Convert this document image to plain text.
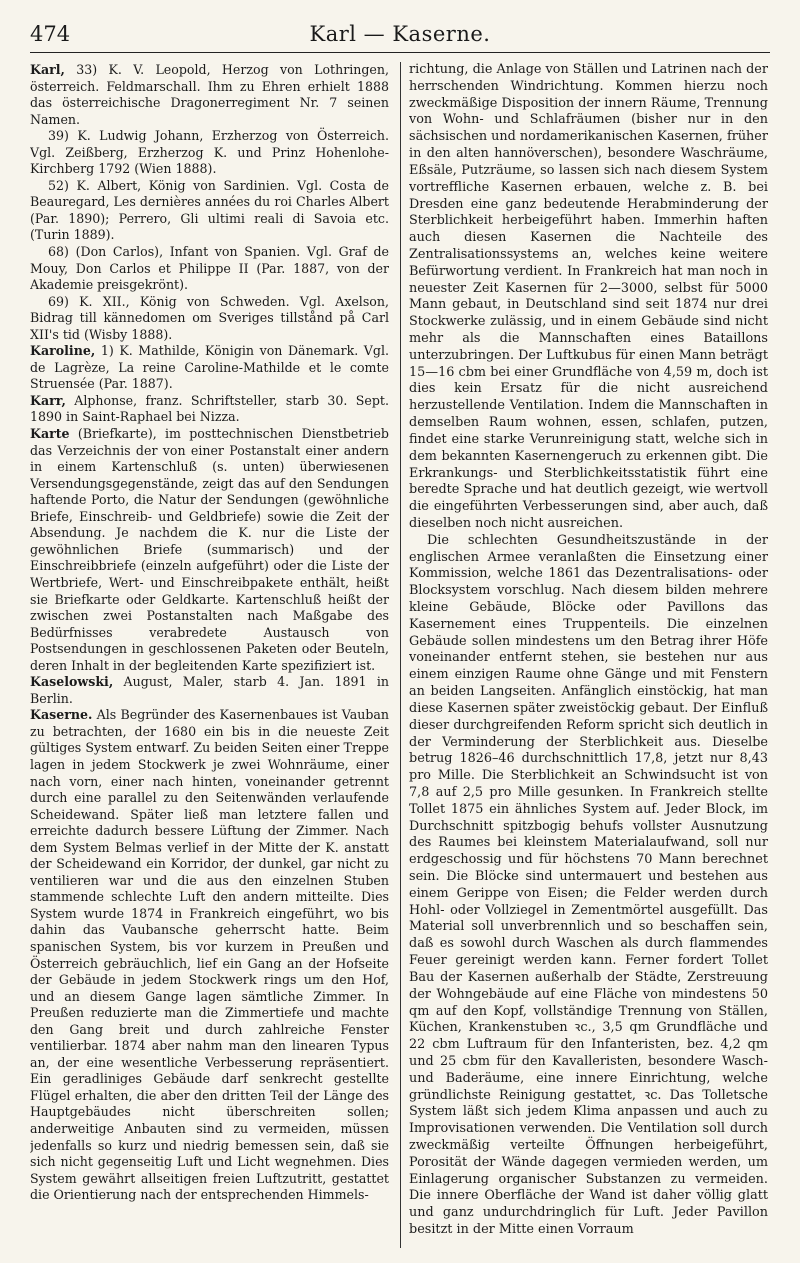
474	Karl — Kaserne.

Karl, 33) K. V. Leopold, Herzog von Lothringen, österreich. Feldmarschall. Ihm zu Ehren erhielt 1888 das österreichische Dragonerregiment Nr. 7 seinen Namen.

39) K. Ludwig Johann, Erzherzog von Österreich. Vgl. Zeißberg, Erzherzog K. und Prinz Hohenlohe-Kirchberg 1792 (Wien 1888).

52) K. Albert, König von Sardinien. Vgl. Costa de Beauregard, Les dernières années du roi Charles Albert (Par. 1890); Perrero, Gli ultimi reali di Savoia etc. (Turin 1889).

68) (Don Carlos), Infant von Spanien. Vgl. Graf de Mouy, Don Carlos et Philippe II (Par. 1887, von der Akademie preisgekrönt).

69) K. XII., König von Schweden. Vgl. Axelson, Bidrag till kännedomen om Sveriges tillstånd på Carl XII's tid (Wisby 1888).

Karoline, 1) K. Mathilde, Königin von Dänemark. Vgl. de Lagrèze, La reine Caroline-Mathilde et le comte Struensée (Par. 1887).

Karr, Alphonse, franz. Schriftsteller, starb 30. Sept. 1890 in Saint-Raphael bei Nizza.

Karte (Briefkarte), im posttechnischen Dienstbetrieb das Verzeichnis der von einer Postanstalt einer andern in einem Kartenschluß (s. unten) überwiesenen Versendungsgegenstände, zeigt das auf den Sendungen haftende Porto, die Natur der Sendungen (gewöhnliche Briefe, Einschreib- und Geldbriefe) sowie die Zeit der Absendung. Je nachdem die K. nur die Liste der gewöhnlichen Briefe (summarisch) und der Einschreibbriefe (einzeln aufgeführt) oder die Liste der Wertbriefe, Wert- und Einschreibpakete enthält, heißt sie Briefkarte oder Geldkarte. Kartenschluß heißt der zwischen zwei Postanstalten nach Maßgabe des Bedürfnisses verabredete Austausch von Postsendungen in geschlossenen Paketen oder Beuteln, deren Inhalt in der begleitenden Karte spezifiziert ist.

Kaselowski, August, Maler, starb 4. Jan. 1891 in Berlin.

Kaserne. Als Begründer des Kasernenbaues ist Vauban zu betrachten, der 1680 ein bis in die neueste Zeit gültiges System entwarf. Zu beiden Seiten einer Treppe lagen in jedem Stockwerk je zwei Wohnräume, einer nach vorn, einer nach hinten, voneinander getrennt durch eine parallel zu den Seitenwänden verlaufende Scheidewand. Später ließ man letztere fallen und erreichte dadurch bessere Lüftung der Zimmer. Nach dem System Belmas verlief in der Mitte der K. anstatt der Scheidewand ein Korridor, der dunkel, gar nicht zu ventilieren war und die aus den einzelnen Stuben stammende schlechte Luft den andern mitteilte. Dies System wurde 1874 in Frankreich eingeführt, wo bis dahin das Vaubansche geherrscht hatte. Beim spanischen System, bis vor kurzem in Preußen und Österreich gebräuchlich, lief ein Gang an der Hofseite der Gebäude in jedem Stockwerk rings um den Hof, und an diesem Gange lagen sämtliche Zimmer. In Preußen reduzierte man die Zimmertiefe und machte den Gang breit und durch zahlreiche Fenster ventilierbar. 1874 aber nahm man den linearen Typus an, der eine wesentliche Verbesserung repräsentiert. Ein geradliniges Gebäude darf senkrecht gestellte Flügel erhalten, die aber den dritten Teil der Länge des Hauptgebäudes nicht überschreiten sollen; anderweitige Anbauten sind zu vermeiden, müssen jedenfalls so kurz und niedrig bemessen sein, daß sie sich nicht gegenseitig Luft und Licht wegnehmen. Dies System gewährt allseitigen freien Luftzutritt, gestattet die Orientierung nach der entsprechenden Himmels-

richtung, die Anlage von Ställen und Latrinen nach der herrschenden Windrichtung. Kommen hierzu noch zweckmäßige Disposition der innern Räume, Trennung von Wohn- und Schlafräumen (bisher nur in den sächsischen und nordamerikanischen Kasernen, früher in den alten hannöverschen), besondere Waschräume, Eßsäle, Putzräume, so lassen sich nach diesem System vortreffliche Kasernen erbauen, welche z. B. bei Dresden eine ganz bedeutende Herabminderung der Sterblichkeit herbeigeführt haben. Immerhin haften auch diesen Kasernen die Nachteile des Zentralisationssystems an, welches keine weitere Befürwortung verdient. In Frankreich hat man noch in neuester Zeit Kasernen für 2—3000, selbst für 5000 Mann gebaut, in Deutschland sind seit 1874 nur drei Stockwerke zulässig, und in einem Gebäude sind nicht mehr als die Mannschaften eines Bataillons unterzubringen. Der Luftkubus für einen Mann beträgt 15—16 cbm bei einer Grundfläche von 4,59 m, doch ist dies kein Ersatz für die nicht ausreichend herzustellende Ventilation. Indem die Mannschaften in demselben Raum wohnen, essen, schlafen, putzen, findet eine starke Verunreinigung statt, welche sich in dem bekannten Kasernengeruch zu erkennen gibt. Die Erkrankungs- und Sterblichkeitsstatistik führt eine beredte Sprache und hat deutlich gezeigt, wie wertvoll die eingeführten Verbesserungen sind, aber auch, daß dieselben noch nicht ausreichen.

Die schlechten Gesundheitszustände in der englischen Armee veranlaßten die Einsetzung einer Kommission, welche 1861 das Dezentralisations- oder Blocksystem vorschlug. Nach diesem bilden mehrere kleine Gebäude, Blöcke oder Pavillons das Kasernement eines Truppenteils. Die einzelnen Gebäude sollen mindestens um den Betrag ihrer Höfe voneinander entfernt stehen, sie bestehen nur aus einem einzigen Raume ohne Gänge und mit Fenstern an beiden Langseiten. Anfänglich einstöckig, hat man diese Kasernen später zweistöckig gebaut. Der Einfluß dieser durchgreifenden Reform spricht sich deutlich in der Verminderung der Sterblichkeit aus. Dieselbe betrug 1826–46 durchschnittlich 17,8, jetzt nur 8,43 pro Mille. Die Sterblichkeit an Schwindsucht ist von 7,8 auf 2,5 pro Mille gesunken. In Frankreich stellte Tollet 1875 ein ähnliches System auf. Jeder Block, im Durchschnitt spitzbogig behufs vollster Ausnutzung des Raumes bei kleinstem Materialaufwand, soll nur erdgeschossig und für höchstens 70 Mann berechnet sein. Die Blöcke sind untermauert und bestehen aus einem Gerippe von Eisen; die Felder werden durch Hohl- oder Vollziegel in Zementmörtel ausgefüllt. Das Material soll unverbrennlich und so beschaffen sein, daß es sowohl durch Waschen als durch flammendes Feuer gereinigt werden kann. Ferner fordert Tollet Bau der Kasernen außerhalb der Städte, Zerstreuung der Wohngebäude auf eine Fläche von mindestens 50 qm auf den Kopf, vollständige Trennung von Ställen, Küchen, Krankenstuben ꝛc., 3,5 qm Grundfläche und 22 cbm Luftraum für den Infanteristen, bez. 4,2 qm und 25 cbm für den Kavalleristen, besondere Wasch- und Baderäume, eine innere Einrichtung, welche gründlichste Reinigung gestattet, ꝛc. Das Tolletsche System läßt sich jedem Klima anpassen und auch zu Improvisationen verwenden. Die Ventilation soll durch zweckmäßig verteilte Öffnungen herbeigeführt, Porosität der Wände dagegen vermieden werden, um Einlagerung organischer Substanzen zu vermeiden. Die innere Oberfläche der Wand ist daher völlig glatt und ganz undurchdringlich für Luft. Jeder Pavillon besitzt in der Mitte einen Vorraum
